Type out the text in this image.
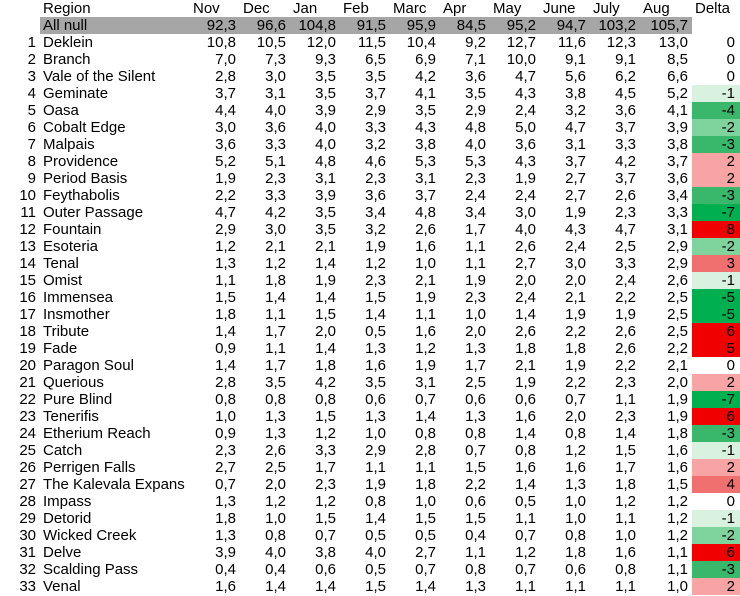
Region	Nov	Dec	Jan	Feb	Marc	Apr	May	June	July	Aug	Delta
All null	92,3	96,6 104,8	91,5	95,9	84,5	95,2	94,7 103,2 105,7
1 Deklein	10,8	10,5	12,0	11,5	10,4	9,2	12,7	11,6	12,3	13,0	0
2 Branch	7,0	7,3	9,3	6,5	6,9	7,1	10,0	9,1	9,1	8,5	0
3 Vale of the Silent	2,8	3,0	3,5	3,5	4,2	3,6	4,7	5,6	6,2	6,6	0
4 Geminate	3,7	3,1	3,5	3,7	4,1	3,5	4,3	3,8	4,5	5,2	-1
5 Oasa	4,4	4,0	3,9	2,9	3,5	2,9	2,4	3,2	3,6	4,1	-4
6 Cobalt Edge	3,0	3,6	4,0	3,3	4,3	4,8	5,0	4,7	3,7	3,9	-2
7 Malpais	3,6	3,3	4,0	3,2	3,8	4,0	3,6	3,1	3,3	3,8	-3
8 Providence	5,2	5,1	4,8	4,6	5,3	5,3	4,3	3,7	4,2	3,7	2
9 Period Basis	1,9	2,3	3,1	2,3	3,1	2,3	1,9	2,7	3,7	3,6	2
10 Feythabolis	2,2	3,3	3,9	3,6	3,7	2,4	2,4	2,7	2,6	3,4	-3
11 Outer Passage	4,7	4,2	3,5	3,4	4,8	3,4	3,0	1,9	2,3	3,3	-7
12 Fountain	2,9	3,0	3,5	3,2	2,6	1,7	4,0	4,3	4,7	3,1	8
13 Esoteria	1,2	2,1	2,1	1,9	1,6	1,1	2,6	2,4	2,5	2,9	-2
14 Tenal	1,3	1,2	1,4	1,2	1,0	1,1	2,7	3,0	3,3	2,9	3
15 Omist	1,1	1,8	1,9	2,3	2,1	1,9	2,0	2,0	2,4	2,6	-1
16 Immensea	1,5	1,4	1,4	1,5	1,9	2,3	2,4	2,1	2,2	2,5	-5
17 Insmother	1,8	1,1	1,5	1,4	1,1	1,0	1,4	1,9	1,9	2,5	-5
18 Tribute	1,4	1,7	2,0	0,5	1,6	2,0	2,6	2,2	2,6	2,5	6
19 Fade	0,9	1,1	1,4	1,3	1,2	1,3	1,8	1,8	2,6	2,2	5
20 Paragon Soul	1,4	1,7	1,8	1,6	1,9	1,7	2,1	1,9	2,2	2,1	0
21 Querious	2,8	3,5	4,2	3,5	3,1	2,5	1,9	2,2	2,3	2,0	2
22 Pure Blind	0,8	0,8	0,8	0,6	0,7	0,6	0,6	0,7	1,1	1,9	-7
23 Tenerifis	1,0	1,3	1,5	1,3	1,4	1,3	1,6	2,0	2,3	1,9	6
24 Etherium Reach	0,9	1,3	1,2	1,0	0,8	0,8	1,4	0,8	1,4	1,8	-3
25 Catch	2,3	2,6	3,3	2,9	2,8	0,7	0,8	1,2	1,5	1,6	-1
26 Perrigen Falls	2,7	2,5	1,7	1,1	1,1	1,5	1,6	1,6	1,7	1,6	2
27 The Kalevala Expans	0,7	2,0	2,3	1,9	1,8	2,2	1,4	1,3	1,8	1,5	4
28 Impass	1,3	1,2	1,2	0,8	1,0	0,6	0,5	1,0	1,2	1,2	0
29 Detorid	1,8	1,0	1,5	1,4	1,5	1,5	1,1	1,0	1,1	1,2	-1
30 Wicked Creek	1,3	0,8	0,7	0,5	0,5	0,4	0,7	0,8	1,0	1,2	-2
31 Delve	3,9	4,0	3,8	4,0	2,7	1,1	1,2	1,8	1,6	1,1	6
32 Scalding Pass	0,4	0,4	0,6	0,5	0,7	0,8	0,7	0,6	0,8	1,1	-3
33 Venal	1,6	1,4	1,4	1,5	1,4	1,3	1,1	1,1	1,1	1,0	2
